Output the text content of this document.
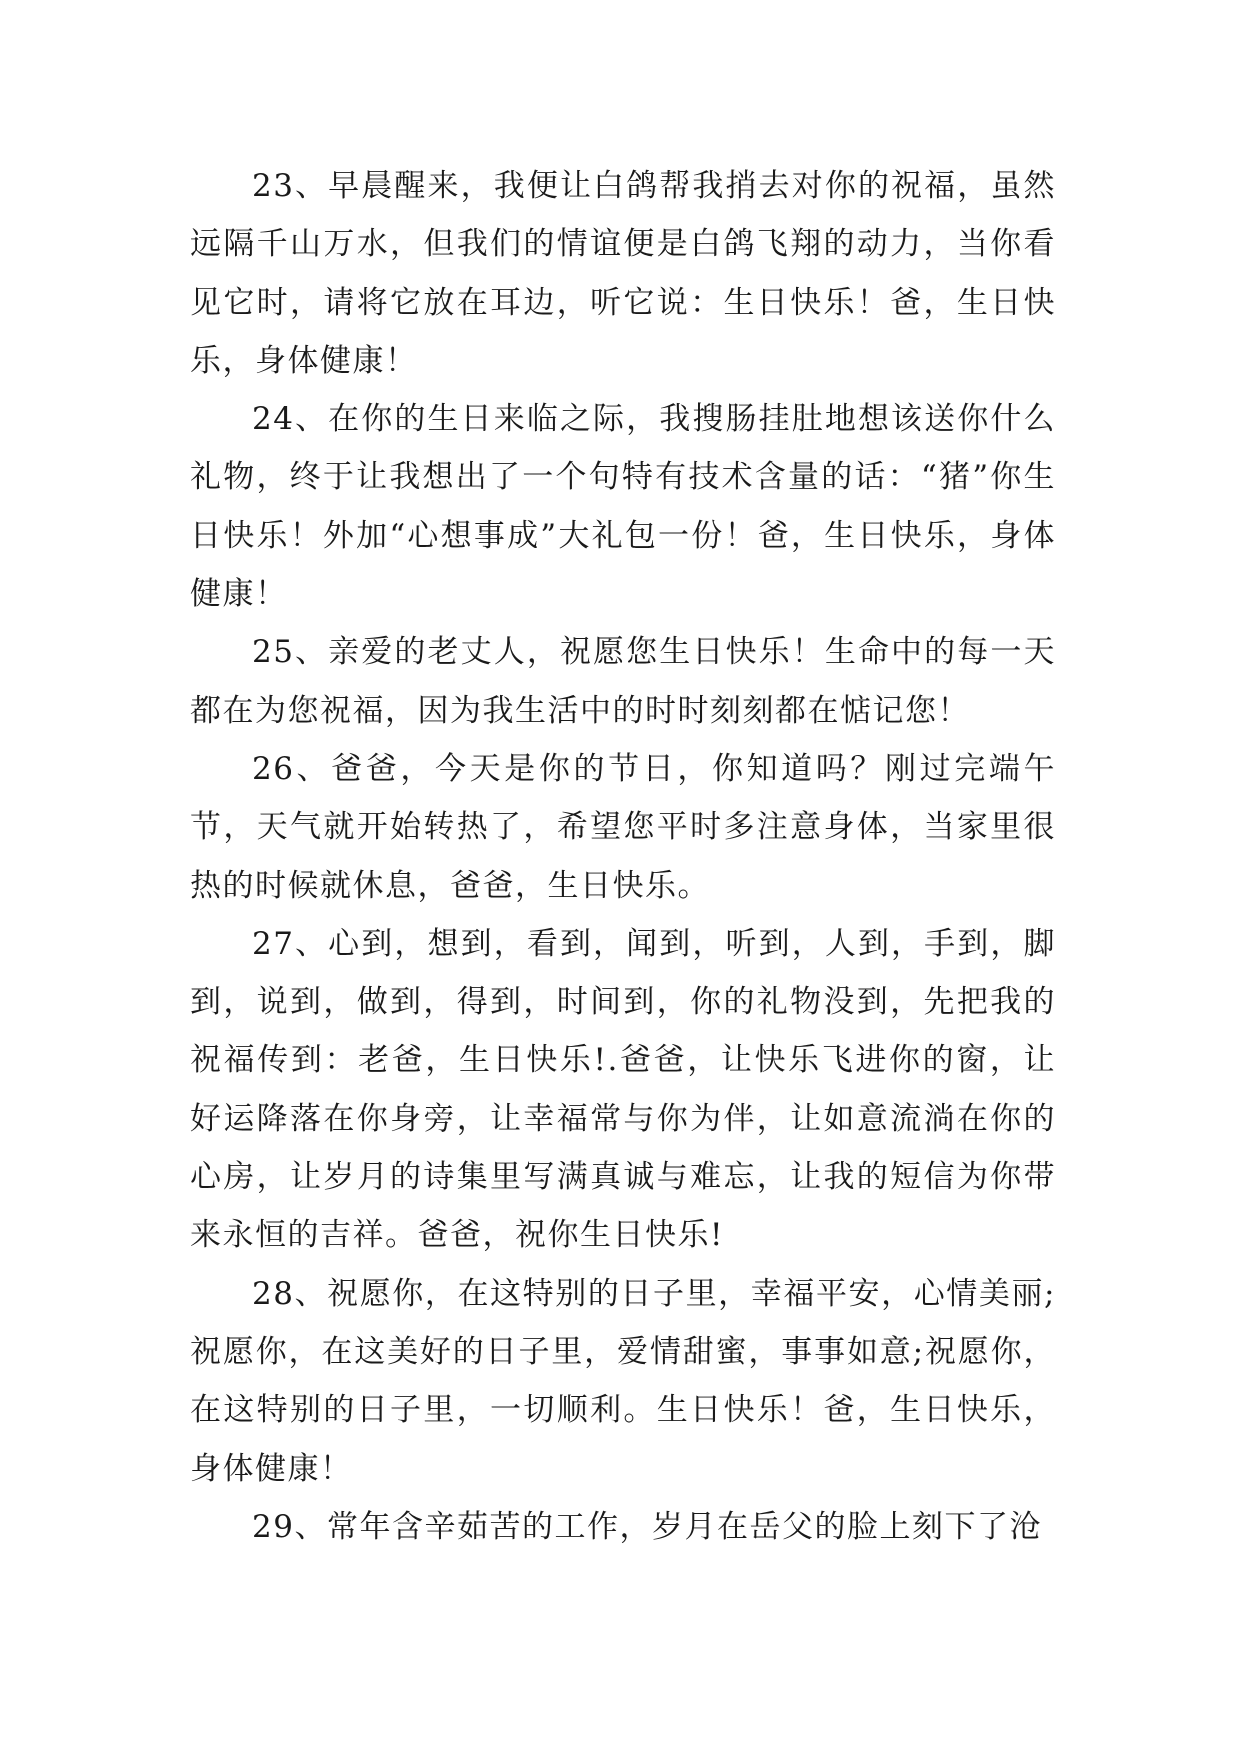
23、早晨醒来，我便让白鸽帮我捎去对你的祝福，虽然远隔千山万水，但我们的情谊便是白鸽飞翔的动力，当你看见它时，请将它放在耳边，听它说：生日快乐！爸，生日快乐，身体健康！

24、在你的生日来临之际，我搜肠挂肚地想该送你什么礼物，终于让我想出了一个句特有技术含量的话：“猪”你生日快乐！外加“心想事成”大礼包一份！爸，生日快乐，身体健康！

25、亲爱的老丈人，祝愿您生日快乐！生命中的每一天都在为您祝福，因为我生活中的时时刻刻都在惦记您！

26、爸爸，今天是你的节日，你知道吗？刚过完端午节，天气就开始转热了，希望您平时多注意身体，当家里很热的时候就休息，爸爸，生日快乐。

27、心到，想到，看到，闻到，听到，人到，手到，脚到，说到，做到，得到，时间到，你的礼物没到，先把我的祝福传到：老爸，生日快乐!.爸爸，让快乐飞进你的窗，让好运降落在你身旁，让幸福常与你为伴，让如意流淌在你的心房，让岁月的诗集里写满真诚与难忘，让我的短信为你带来永恒的吉祥。爸爸，祝你生日快乐!

28、祝愿你，在这特别的日子里，幸福平安，心情美丽;祝愿你，在这美好的日子里，爱情甜蜜，事事如意;祝愿你，在这特别的日子里，一切顺利。生日快乐！爸，生日快乐，身体健康！

29、常年含辛茹苦的工作，岁月在岳父的脸上刻下了沧
